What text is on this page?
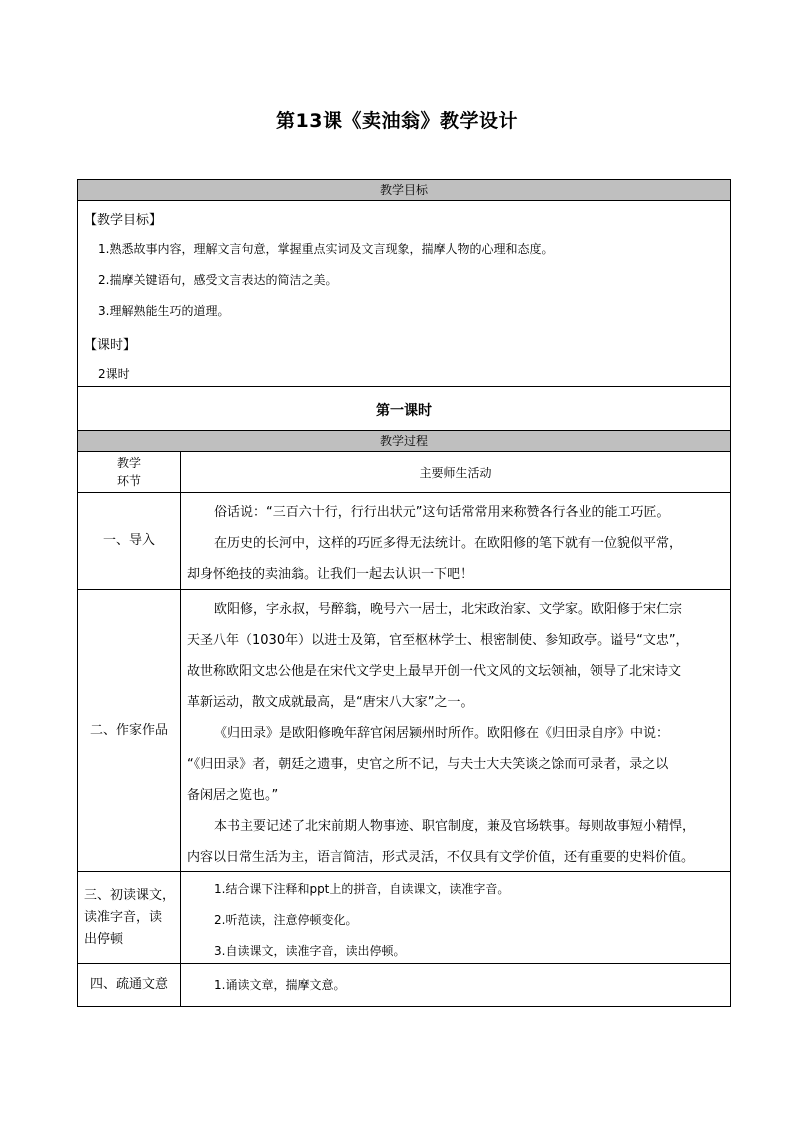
第13课《卖油翁》教学设计
教学目标
【教学目标】
1.熟悉故事内容，理解文言句意，掌握重点实词及文言现象，揣摩人物的心理和态度。
2.揣摩关键语句，感受文言表达的简洁之美。
3.理解熟能生巧的道理。
【课时】
2课时
第一课时
教学过程
教学
环节
主要师生活动
一、导入
俗话说：“三百六十行，行行出状元”这句话常常用来称赞各行各业的能工巧匠。
在历史的长河中，这样的巧匠多得无法统计。在欧阳修的笔下就有一位貌似平常，
却身怀绝技的卖油翁。让我们一起去认识一下吧！
二、作家作品
欧阳修，字永叔，号醉翁，晚号六一居士，北宋政治家、文学家。欧阳修于宋仁宗
天圣八年（1030年）以进士及第，官至枢林学士、根密制使、参知政亭。谥号“文忠”，
故世称欧阳文忠公他是在宋代文学史上最早开创一代文风的文坛领袖，领导了北宋诗文
革新运动，散文成就最高，是“唐宋八大家”之一。
《归田录》是欧阳修晚年辞官闲居颍州时所作。欧阳修在《归田录自序》中说：
“《归田录》者，朝廷之遗事，史官之所不记，与夫士大夫笑谈之馀而可录者，录之以
备闲居之览也。”
本书主要记述了北宋前期人物事迹、职官制度，兼及官场轶事。每则故事短小精悍，
内容以日常生活为主，语言简洁，形式灵活，不仅具有文学价值，还有重要的史料价值。
三、初读课文，
读准字音，读
出停顿
1.结合课下注释和ppt上的拼音，自读课文，读准字音。
2.听范读，注意停顿变化。
3.自读课文，读准字音，读出停顿。
四、疏通文意	1.诵读文章，揣摩文意。
